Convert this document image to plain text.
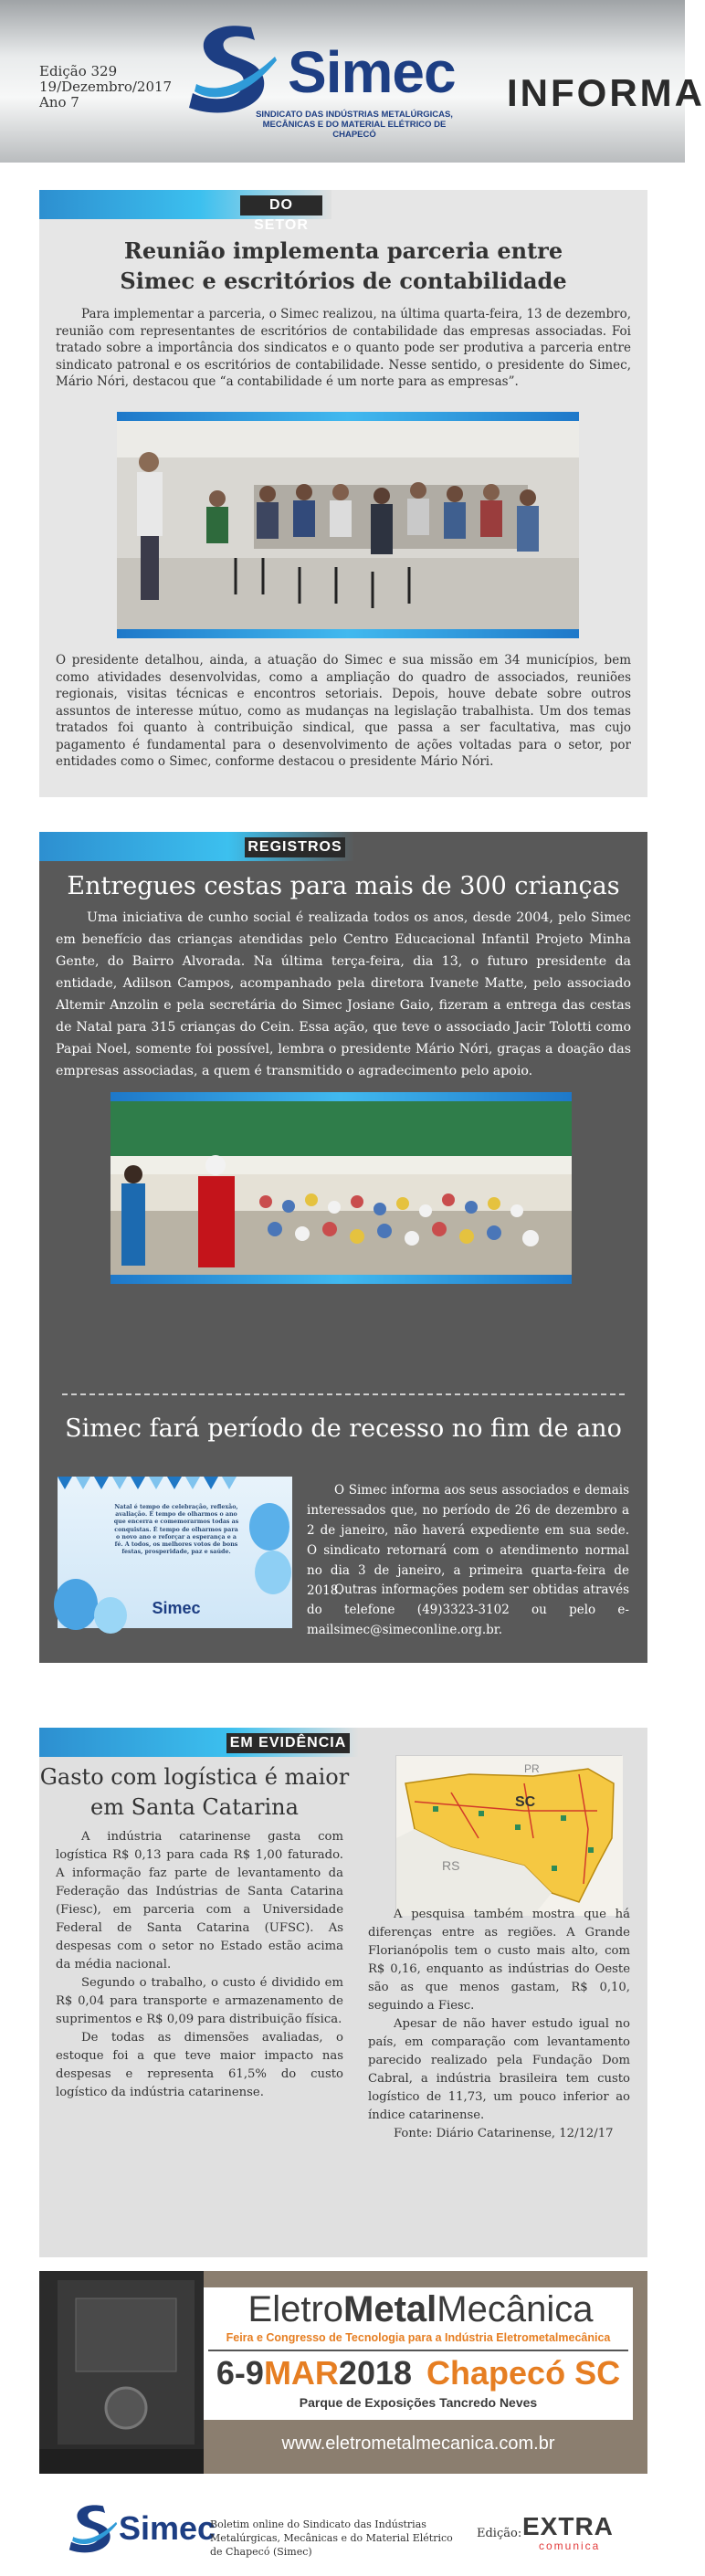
Edição 329
19/Dezembro/2017
Ano 7	Simec
SINDICATO DAS INDÚSTRIAS METALÚRGICAS, MECÂNICAS E DO MATERIAL ELÉTRICO DE CHAPECÓ
INFORMA
DO SETOR
Reunião implementa parceria entre
Simec e escritórios de contabilidade
Para implementar a parceria, o Simec realizou, na última quarta-feira, 13 de dezembro, reunião com representantes de escritórios de contabilidade das empresas associadas. Foi tratado sobre a importância dos sindicatos e o quanto pode ser produtiva a parceria entre sindicato patronal e os escritórios de contabilidade. Nesse sentido, o presidente do Simec, Mário Nóri, destacou que “a contabilidade é um norte para as empresas”.
O presidente detalhou, ainda, a atuação do Simec e sua missão em 34 municípios, bem como atividades desenvolvidas, como a ampliação do quadro de associados, reuniões regionais, visitas técnicas e encontros setoriais. Depois, houve debate sobre outros assuntos de interesse mútuo, como as mudanças na legislação trabalhista. Um dos temas tratados foi quanto à contribuição sindical, que passa a ser facultativa, mas cujo pagamento é fundamental para o desenvolvimento de ações voltadas para o setor, por entidades como o Simec, conforme destacou o presidente Mário Nóri.
REGISTROS
Entregues cestas para mais de 300 crianças
Uma iniciativa de cunho social é realizada todos os anos, desde 2004, pelo Simec em benefício das crianças atendidas pelo Centro Educacional Infantil Projeto Minha Gente, do Bairro Alvorada. Na última terça-feira, dia 13, o futuro presidente da entidade, Adilson Campos, acompanhado pela diretora Ivanete Matte, pelo associado Altemir Anzolin e pela secretária do Simec Josiane Gaio, fizeram a entrega das cestas de Natal para 315 crianças do Cein. Essa ação, que teve o associado Jacir Tolotti como Papai Noel, somente foi possível, lembra o presidente Mário Nóri, graças a doação das empresas associadas, a quem é transmitido o agradecimento pelo apoio.
Simec fará período de recesso no fim de ano
Natal é tempo de celebração, reflexão, avaliação. É tempo de olharmos o ano que encerra e comemorarmos todas as conquistas. É tempo de olharmos para o novo ano e reforçar a esperança e a fé. A todos, os melhores votos de bons festas, prosperidade, paz e saúde.
Simec
O Simec informa aos seus associados e demais interessados que, no período de 26 de dezembro a 2 de janeiro, não haverá expediente em sua sede. O sindicato retornará com o atendimento normal no dia 3 de janeiro, a primeira quarta-feira de 2018.
Outras informações podem ser obtidas através do telefone (49)3323-3102 ou pelo e-mailsimec@simeconline.org.br.
EM EVIDÊNCIA
Gasto com logística é maior
em Santa Catarina
A indústria catarinense gasta com logística R$ 0,13 para cada R$ 1,00 faturado. A informação faz parte de levantamento da Federação das Indústrias de Santa Catarina (Fiesc), em parceria com a Universidade Federal de Santa Catarina (UFSC). As despesas com o setor no Estado estão acima da média nacional.
Segundo o trabalho, o custo é dividido em R$ 0,04 para transporte e armazenamento de suprimentos e R$ 0,09 para distribuição física.
De todas as dimensões avaliadas, o estoque foi a que teve maior impacto nas despesas e representa 61,5% do custo logístico da indústria catarinense.
PR
SC
RS
A pesquisa também mostra que há diferenças entre as regiões. A Grande Florianópolis tem o custo mais alto, com R$ 0,16, enquanto as indústrias do Oeste são as que menos gastam, R$ 0,10, seguindo a Fiesc.
Apesar de não haver estudo igual no país, em comparação com levantamento parecido realizado pela Fundação Dom Cabral, a indústria brasileira tem custo logístico de 11,73, um pouco inferior ao índice catarinense.
Fonte: Diário Catarinense, 12/12/17
EletroMetalMecânica
Feira e Congresso de Tecnologia para a Indústria Eletrometalmecânica
6-9MAR2018 Chapecó SC
Parque de Exposições Tancredo Neves
www.eletrometalmecanica.com.br
Simec
Boletim online do Sindicato das Indústrias Metalúrgicas, Mecânicas e do Material Elétrico de Chapecó (Simec)
Edição: EXTRA
comunica
